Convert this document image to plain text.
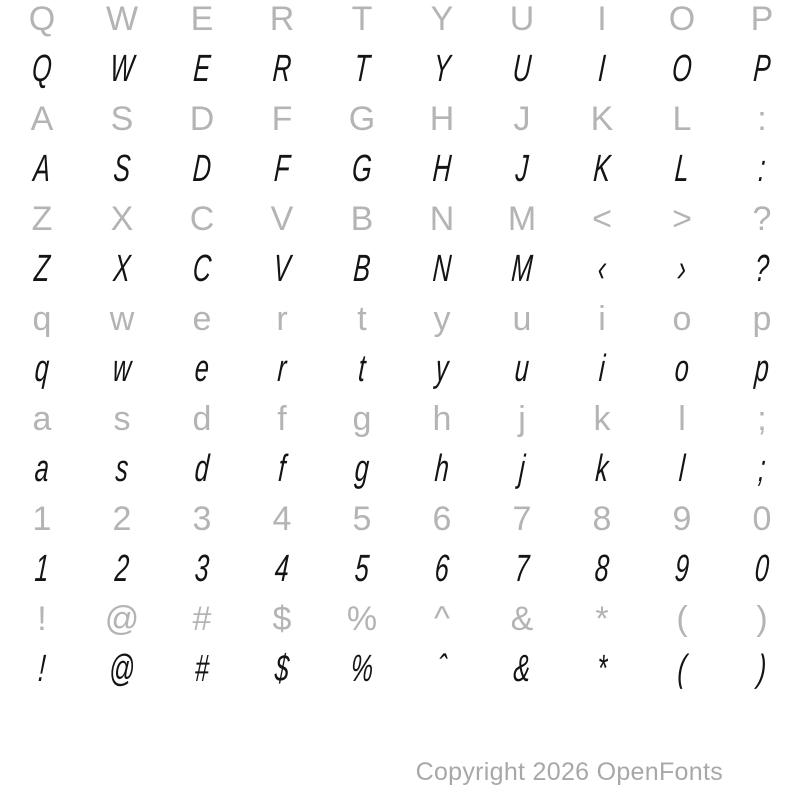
Q	W	E	R	T	Y	U	I	O	P
Q	W	E	R	T	Y	U	I	O	P
A	S	D	F	G	H	J	K	L	:
A	S	D	F	G	H	J	K	L	:
Z	X	C	V	B	N	M	<	>	?
Z	X	C	V	B	N	M	‹	›	?
q	w	e	r	t	y	u	i	o	p
q	w	e	r	t	y	u	i	o	p
a	s	d	f	g	h	j	k	l	;
a	s	d	f	g	h	j	k	l	;
1	2	3	4	5	6	7	8	9	0
1	2	3	4	5	6	7	8	9	0
!	@	#	$	%	^	&	*	(	)
!	@	#	$	%	ˆ	&	*	(	)
Copyright 2026 OpenFonts
